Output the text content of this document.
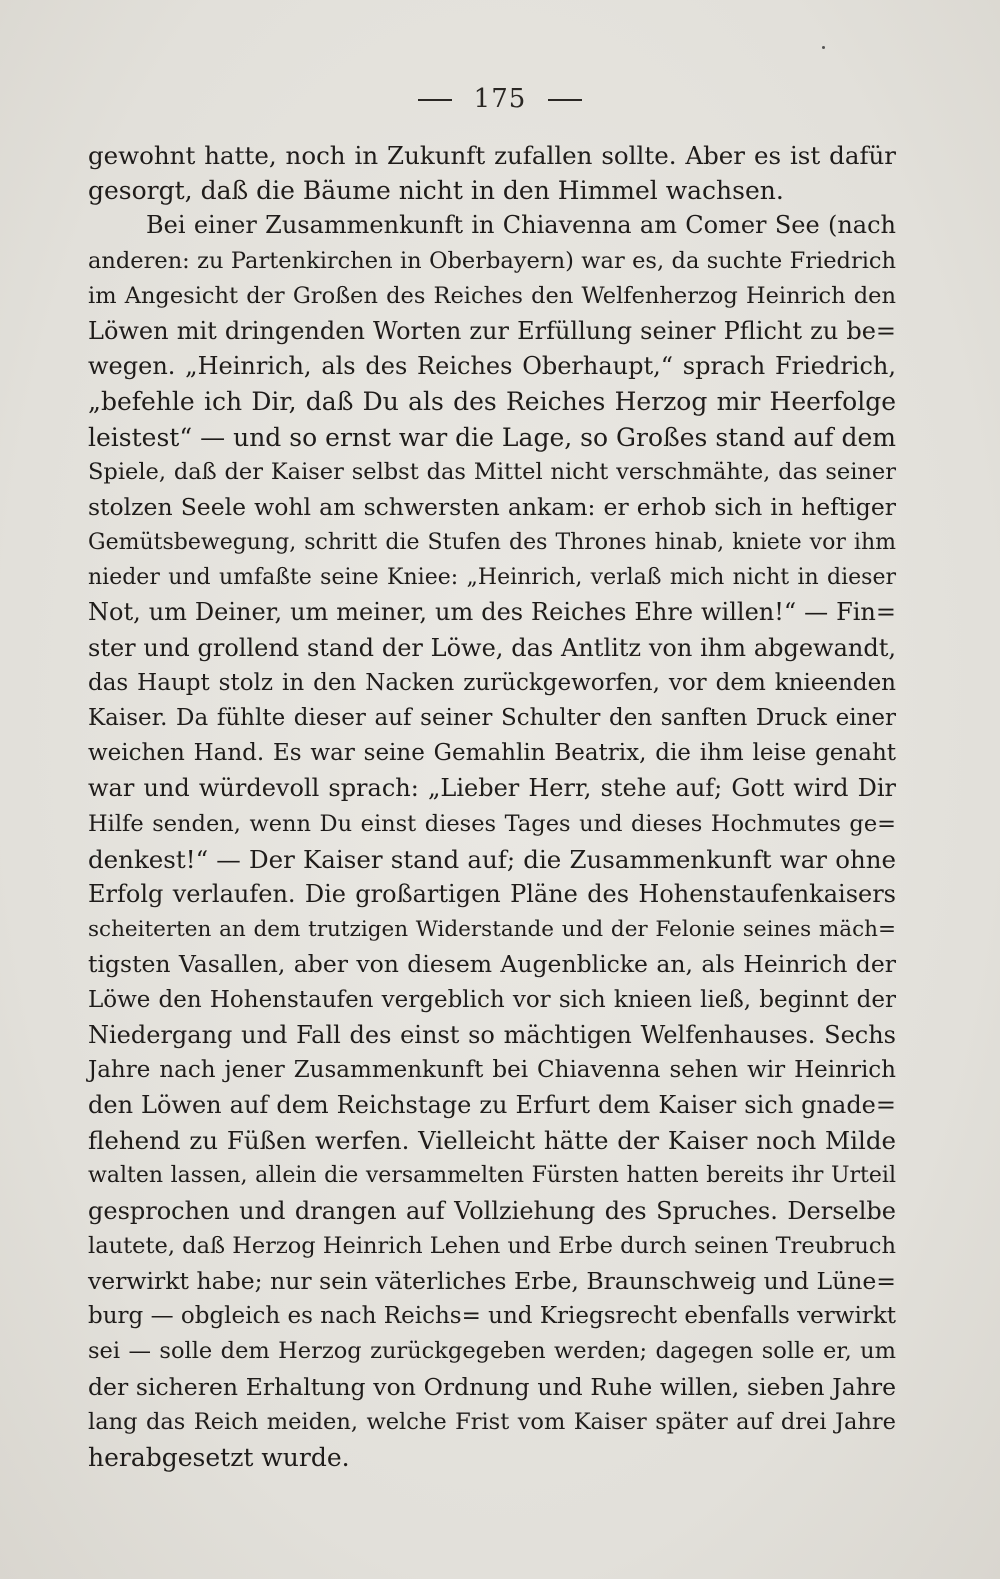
175
gewohnt hatte, noch in Zukunft zufallen sollte. Aber es ist dafür
gesorgt, daß die Bäume nicht in den Himmel wachsen.
Bei einer Zusammenkunft in Chiavenna am Comer See (nach
anderen: zu Partenkirchen in Oberbayern) war es, da suchte Friedrich
im Angesicht der Großen des Reiches den Welfenherzog Heinrich den
Löwen mit dringenden Worten zur Erfüllung seiner Pflicht zu be=
wegen. „Heinrich, als des Reiches Oberhaupt,“ sprach Friedrich,
„befehle ich Dir, daß Du als des Reiches Herzog mir Heerfolge
leistest“ — und so ernst war die Lage, so Großes stand auf dem
Spiele, daß der Kaiser selbst das Mittel nicht verschmähte, das seiner
stolzen Seele wohl am schwersten ankam: er erhob sich in heftiger
Gemütsbewegung, schritt die Stufen des Thrones hinab, kniete vor ihm
nieder und umfaßte seine Kniee: „Heinrich, verlaß mich nicht in dieser
Not, um Deiner, um meiner, um des Reiches Ehre willen!“ — Fin=
ster und grollend stand der Löwe, das Antlitz von ihm abgewandt,
das Haupt stolz in den Nacken zurückgeworfen, vor dem knieenden
Kaiser. Da fühlte dieser auf seiner Schulter den sanften Druck einer
weichen Hand. Es war seine Gemahlin Beatrix, die ihm leise genaht
war und würdevoll sprach: „Lieber Herr, stehe auf; Gott wird Dir
Hilfe senden, wenn Du einst dieses Tages und dieses Hochmutes ge=
denkest!“ — Der Kaiser stand auf; die Zusammenkunft war ohne
Erfolg verlaufen. Die großartigen Pläne des Hohenstaufenkaisers
scheiterten an dem trutzigen Widerstande und der Felonie seines mäch=
tigsten Vasallen, aber von diesem Augenblicke an, als Heinrich der
Löwe den Hohenstaufen vergeblich vor sich knieen ließ, beginnt der
Niedergang und Fall des einst so mächtigen Welfenhauses. Sechs
Jahre nach jener Zusammenkunft bei Chiavenna sehen wir Heinrich
den Löwen auf dem Reichstage zu Erfurt dem Kaiser sich gnade=
flehend zu Füßen werfen. Vielleicht hätte der Kaiser noch Milde
walten lassen, allein die versammelten Fürsten hatten bereits ihr Urteil
gesprochen und drangen auf Vollziehung des Spruches. Derselbe
lautete, daß Herzog Heinrich Lehen und Erbe durch seinen Treubruch
verwirkt habe; nur sein väterliches Erbe, Braunschweig und Lüne=
burg — obgleich es nach Reichs= und Kriegsrecht ebenfalls verwirkt
sei — solle dem Herzog zurückgegeben werden; dagegen solle er, um
der sicheren Erhaltung von Ordnung und Ruhe willen, sieben Jahre
lang das Reich meiden, welche Frist vom Kaiser später auf drei Jahre
herabgesetzt wurde.
